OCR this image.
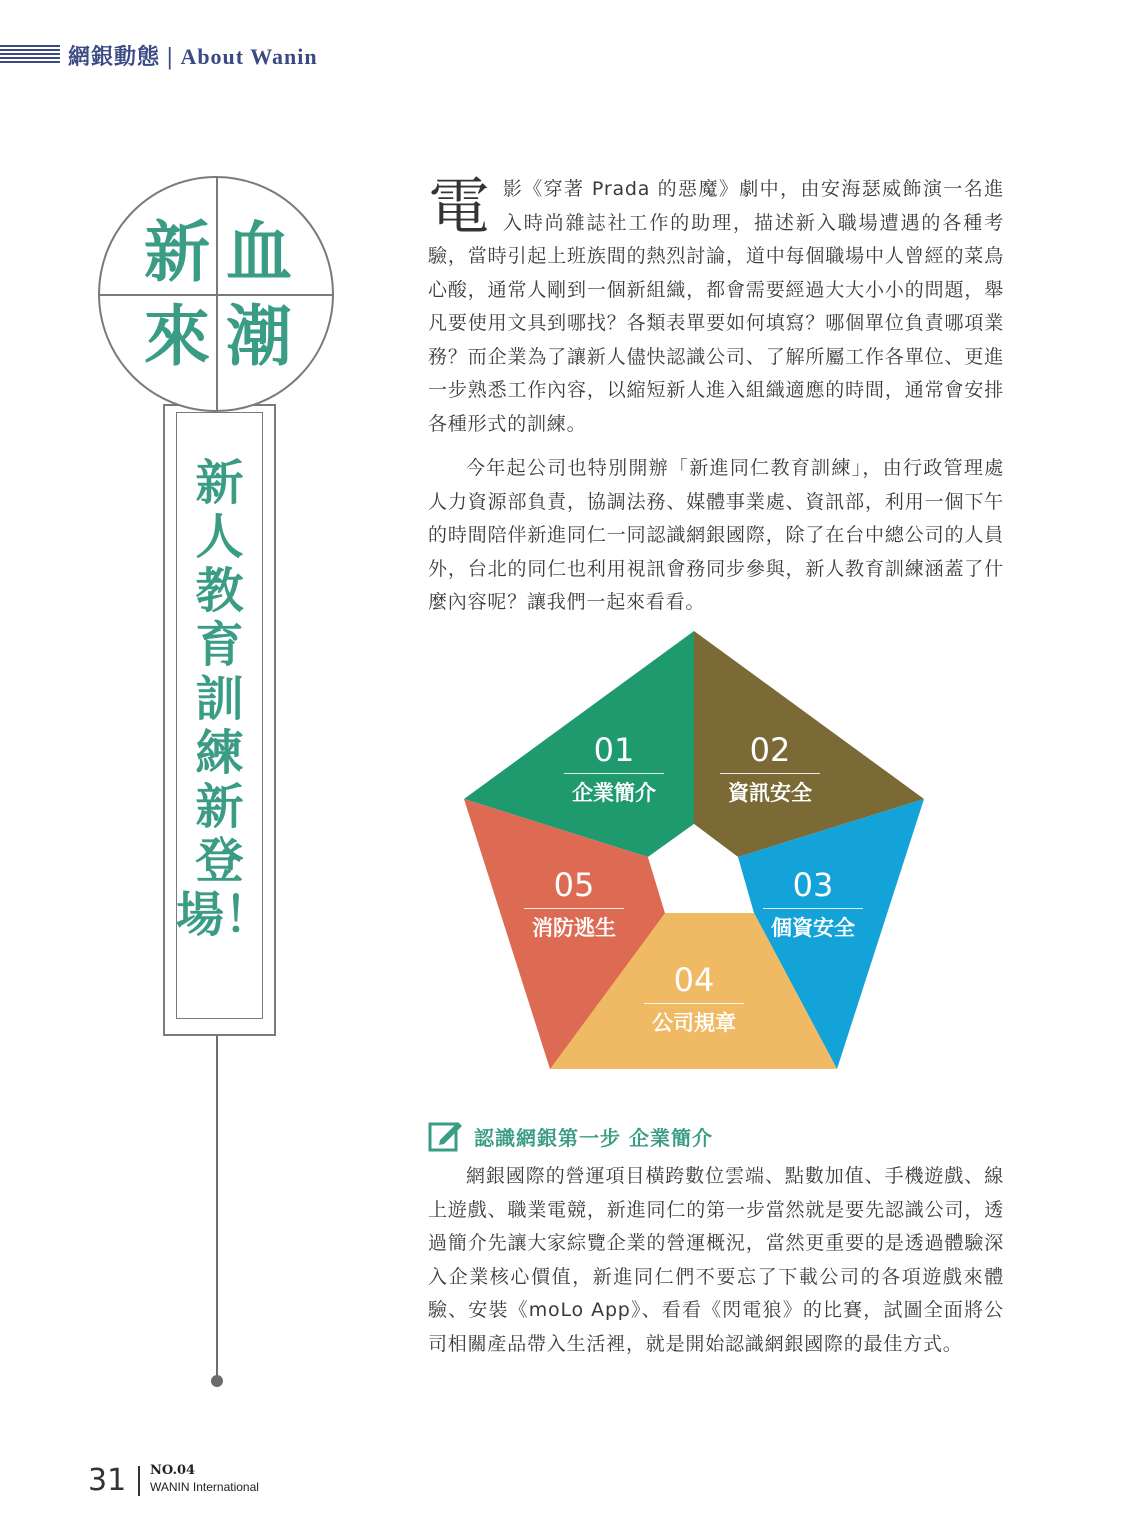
網銀動態 | About Wanin
新人教育訓練新登場！
新 血
來 潮
電影《穿著 Prada 的惡魔》劇中，由安海瑟威飾演一名進入時尚雜誌社工作的助理，描述新入職場遭遇的各種考驗，當時引起上班族間的熱烈討論，道中每個職場中人曾經的菜鳥心酸，通常人剛到一個新組織，都會需要經過大大小小的問題，舉凡要使用文具到哪找？各類表單要如何填寫？哪個單位負責哪項業務？而企業為了讓新人儘快認識公司、了解所屬工作各單位、更進一步熟悉工作內容，以縮短新人進入組織適應的時間，通常會安排各種形式的訓練。
今年起公司也特別開辦「新進同仁教育訓練」，由行政管理處人力資源部負責，協調法務、媒體事業處、資訊部，利用一個下午的時間陪伴新進同仁一同認識網銀國際，除了在台中總公司的人員外，台北的同仁也利用視訊會務同步參與，新人教育訓練涵蓋了什麼內容呢？讓我們一起來看看。
01
企業簡介
02
資訊安全
03
個資安全
04
公司規章
05
消防逃生
認識網銀第一步 企業簡介
網銀國際的營運項目橫跨數位雲端、點數加值、手機遊戲、線上遊戲、職業電競，新進同仁的第一步當然就是要先認識公司，透過簡介先讓大家綜覽企業的營運概況，當然更重要的是透過體驗深入企業核心價值，新進同仁們不要忘了下載公司的各項遊戲來體驗、安裝《moLo App》、看看《閃電狼》的比賽，試圖全面將公司相關產品帶入生活裡，就是開始認識網銀國際的最佳方式。
31 NO.04
WANIN International
